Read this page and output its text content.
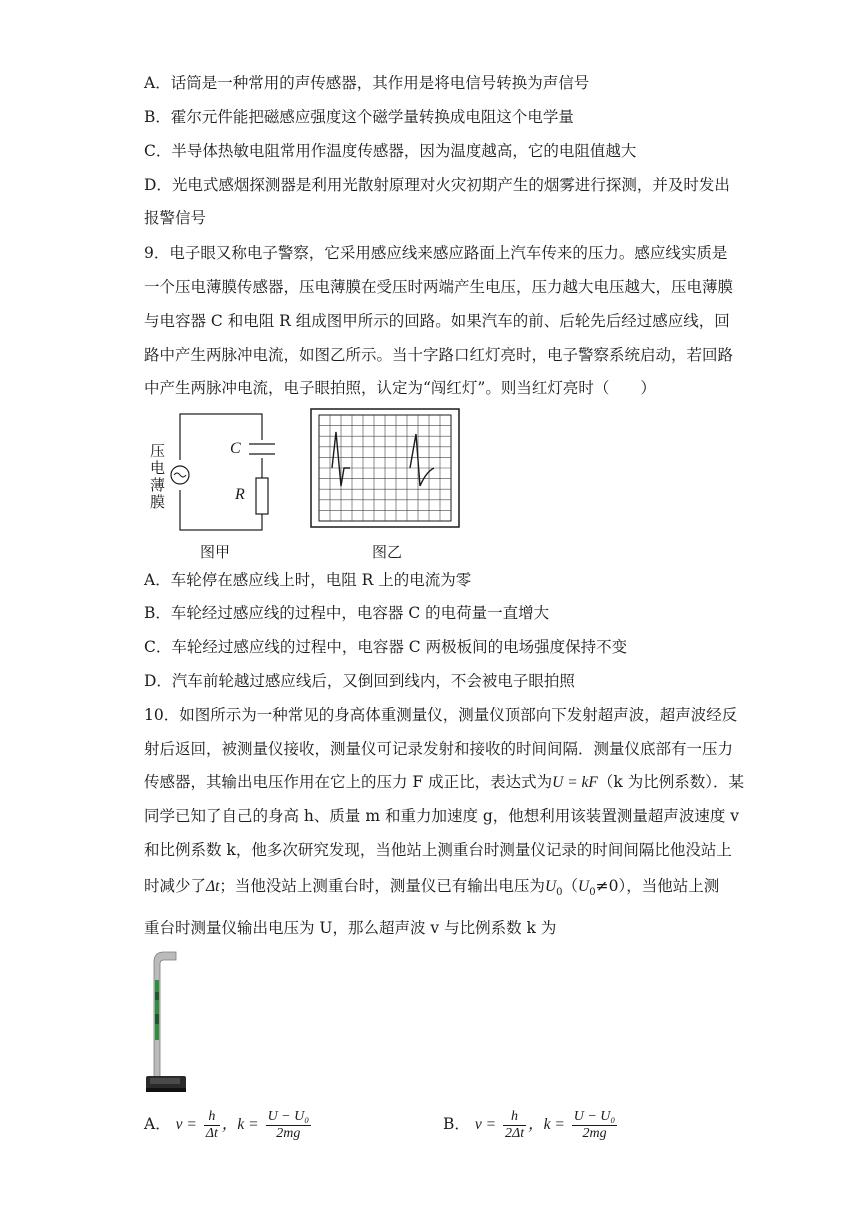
A．话筒是一种常用的声传感器，其作用是将电信号转换为声信号
B．霍尔元件能把磁感应强度这个磁学量转换成电阻这个电学量
C．半导体热敏电阻常用作温度传感器，因为温度越高，它的电阻值越大
D．光电式感烟探测器是利用光散射原理对火灾初期产生的烟雾进行探测，并及时发出
报警信号
9．电子眼又称电子警察，它采用感应线来感应路面上汽车传来的压力。感应线实质是
一个压电薄膜传感器，压电薄膜在受压时两端产生电压，压力越大电压越大，压电薄膜
与电容器 C 和电阻 R 组成图甲所示的回路。如果汽车的前、后轮先后经过感应线，回
路中产生两脉冲电流，如图乙所示。当十字路口红灯亮时，电子警察系统启动，若回路
中产生两脉冲电流，电子眼拍照，认定为“闯红灯”。则当红灯亮时（　　）
压
电
薄
膜
C
R
图甲	图乙
A．车轮停在感应线上时，电阻 R 上的电流为零
B．车轮经过感应线的过程中，电容器 C 的电荷量一直增大
C．车轮经过感应线的过程中，电容器 C 两极板间的电场强度保持不变
D．汽车前轮越过感应线后，又倒回到线内，不会被电子眼拍照
10．如图所示为一种常见的身高体重测量仪，测量仪顶部向下发射超声波，超声波经反
射后返回，被测量仪接收，测量仪可记录发射和接收的时间间隔．测量仪底部有一压力
传感器，其输出电压作用在它上的压力 F 成正比，表达式为U = kF（k 为比例系数）．某
同学已知了自己的身高 h、质量 m 和重力加速度 g，他想利用该装置测量超声波速度 v
和比例系数 k，他多次研究发现，当他站上测重台时测量仪记录的时间间隔比他没站上
时减少了Δt；当他没站上测重台时，测量仪已有输出电压为$U_0(U_0\ne 0)$，当他站上测
重台时测量仪输出电压为 U，那么超声波 v 与比例系数 k 为
A． $v = \frac{h}{\Delta t}$ ，$k = \frac{\text{U − U₀}}{2mg}$	B． $v = \frac{h}{2\Delta t}$ ，$k = \frac{\text{U − U₀}}{2mg}$
